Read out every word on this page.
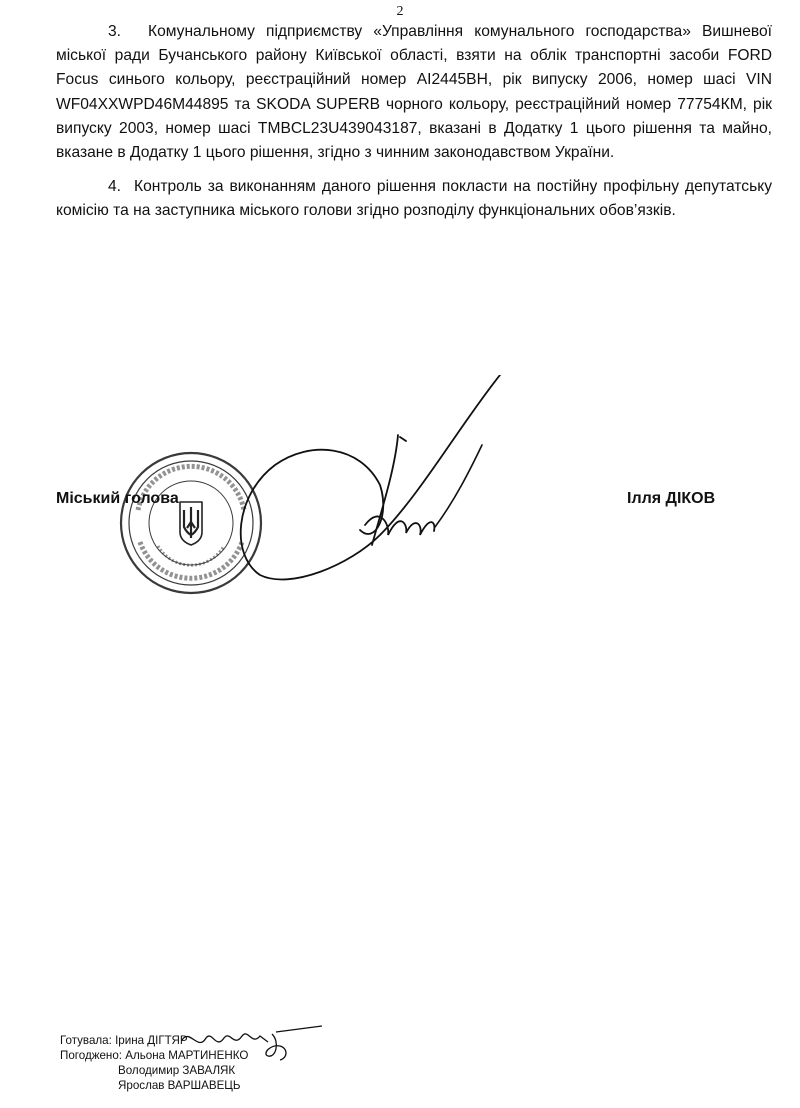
2

3. Комунальному підприємству «Управління комунального господарства» Вишневої міської ради Бучанського району Київської області, взяти на облік транспортні засоби FORD Focus синього кольору, реєстраційний номер АІ2445ВН, рік випуску 2006, номер шасі VIN WF04XXWPD46M44895 та SKODA SUPERB чорного кольору, реєстраційний номер 77754КМ, рік випуску 2003, номер шасі TMBCL23U439043187, вказані в Додатку 1 цього рішення та майно, вказане в Додатку 1 цього рішення, згідно з чинним законодавством України.

4. Контроль за виконанням даного рішення покласти на постійну профільну депутатську комісію та на заступника міського голови згідно розподілу функціональних обов’язків.

Міський голова	Ілля ДІКОВ
Готувала: Ірина ДІГТЯР
Погоджено: Альона МАРТИНЕНКО
Володимир ЗАВАЛЯК
Ярослав ВАРШАВЕЦЬ
